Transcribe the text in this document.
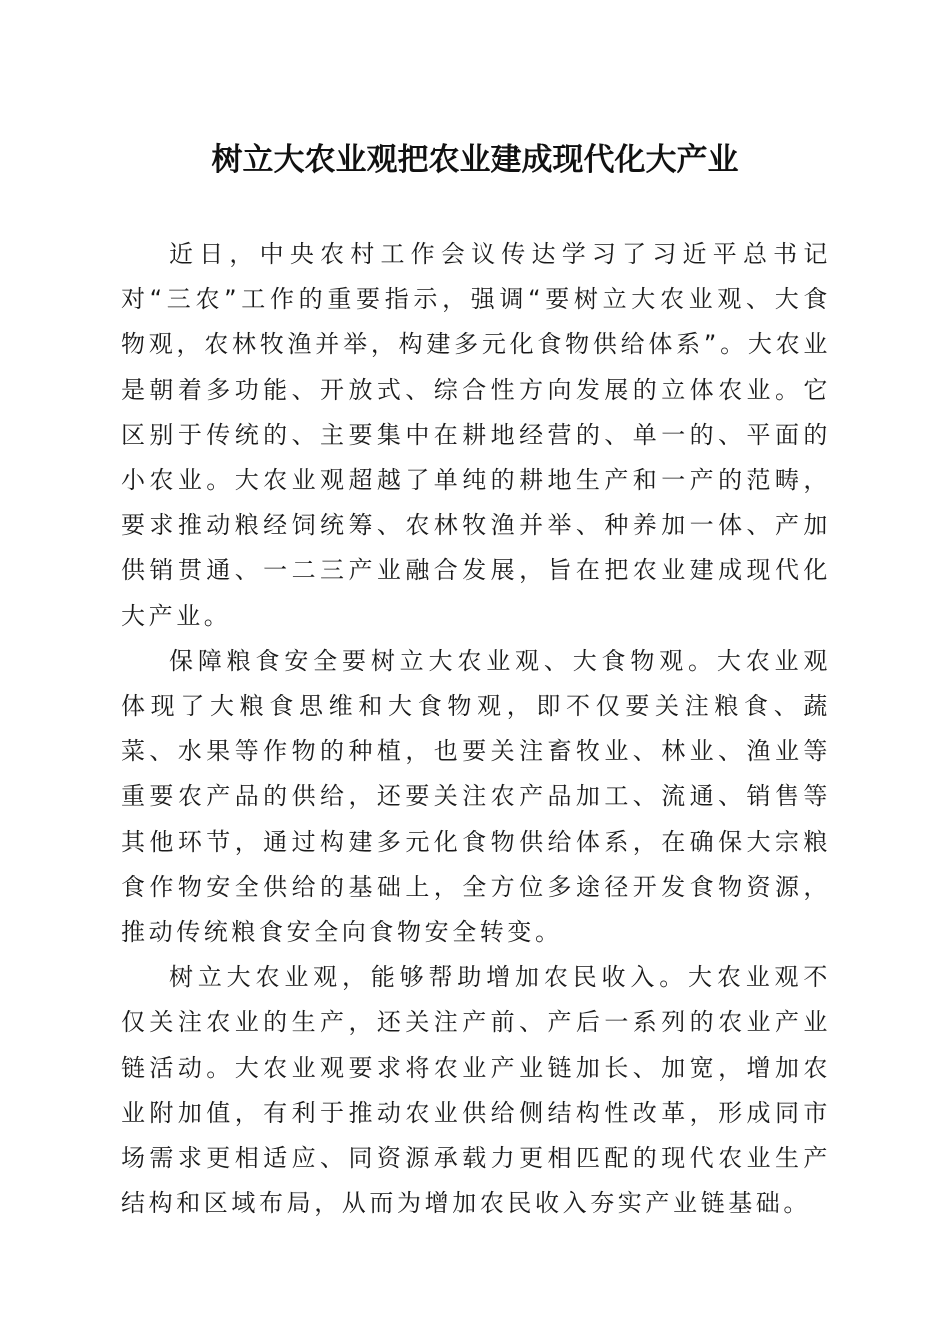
树立大农业观把农业建成现代化大产业

近日，中央农村工作会议传达学习了习近平总书记对“三农”工作的重要指示，强调“要树立大农业观、大食物观，农林牧渔并举，构建多元化食物供给体系”。大农业是朝着多功能、开放式、综合性方向发展的立体农业。它区别于传统的、主要集中在耕地经营的、单一的、平面的小农业。大农业观超越了单纯的耕地生产和一产的范畴，要求推动粮经饲统筹、农林牧渔并举、种养加一体、产加供销贯通、一二三产业融合发展，旨在把农业建成现代化大产业。

保障粮食安全要树立大农业观、大食物观。大农业观体现了大粮食思维和大食物观，即不仅要关注粮食、蔬菜、水果等作物的种植，也要关注畜牧业、林业、渔业等重要农产品的供给，还要关注农产品加工、流通、销售等其他环节，通过构建多元化食物供给体系，在确保大宗粮食作物安全供给的基础上，全方位多途径开发食物资源，推动传统粮食安全向食物安全转变。

树立大农业观，能够帮助增加农民收入。大农业观不仅关注农业的生产，还关注产前、产后一系列的农业产业链活动。大农业观要求将农业产业链加长、加宽，增加农业附加值，有利于推动农业供给侧结构性改革，形成同市场需求更相适应、同资源承载力更相匹配的现代农业生产结构和区域布局，从而为增加农民收入夯实产业链基础。
